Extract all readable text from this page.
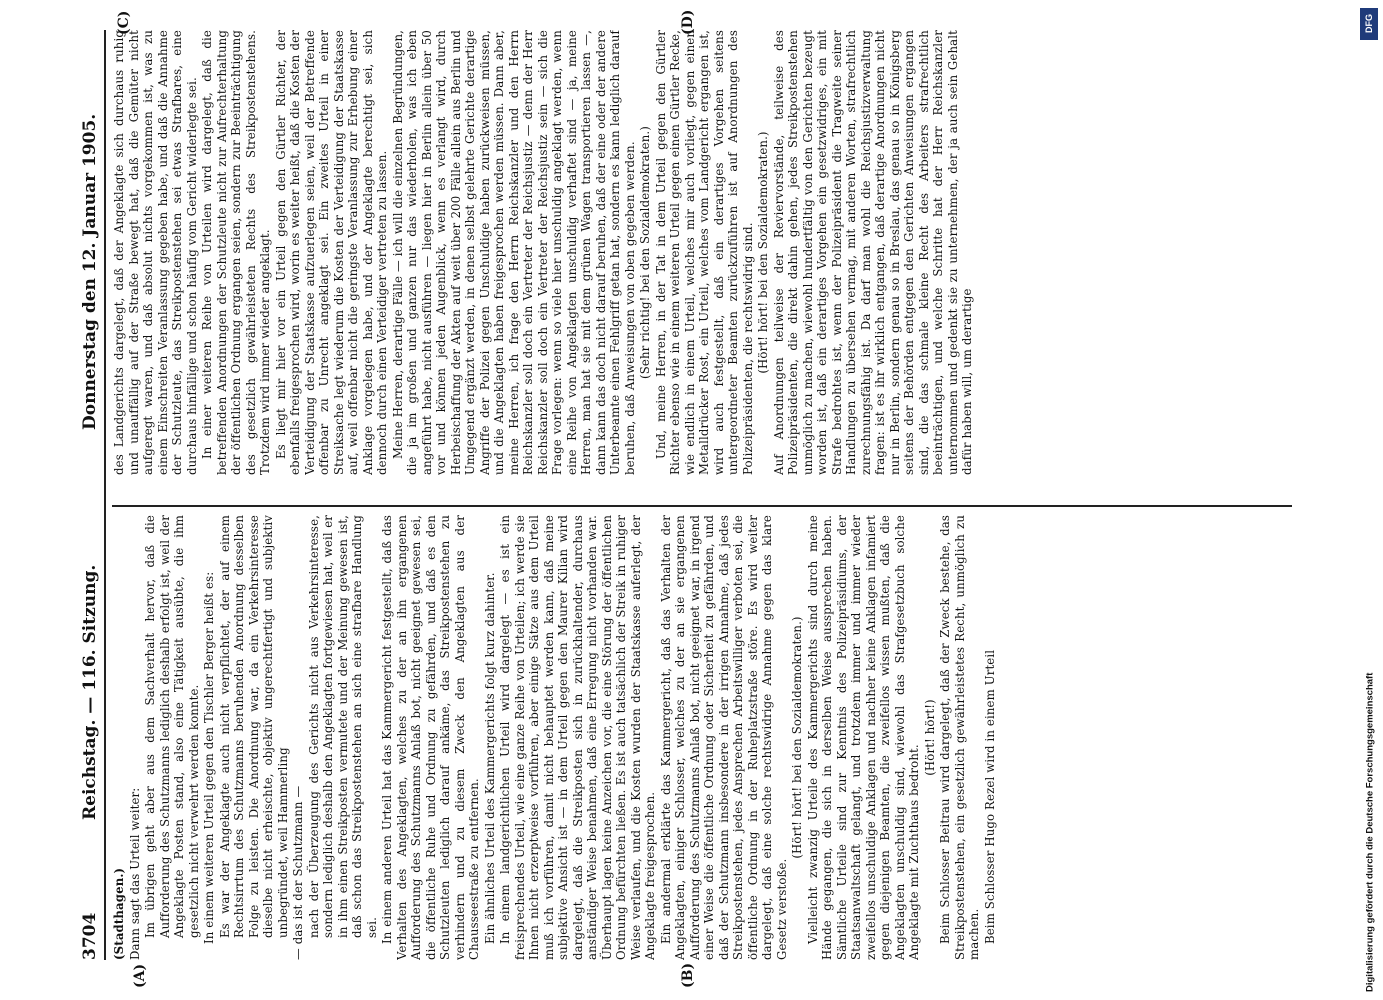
3704
Reichstag. — 116. Sitzung.
Donnerstag den 12. Januar 1905.
(A)	(B)
(C)	(D)

(Stadthagen.) Dann sagt das Urteil weiter: Im übrigen geht aber aus dem Sachverhalt hervor, daß die Aufforderung des Schutzmanns lediglich deshalb erfolgt ist, weil der Angeklagte Posten stand, also eine Tätigkeit ausübte, die ihm gesetzlich nicht verwehrt werden konnte. In einem weiteren Urteil gegen den Tischler Berger heißt es: Es war der Angeklagte auch nicht verpflichtet, der auf einem Rechtsirrtum des Schutzmanns beruhenden Anordnung desselben Folge zu leisten. Die Anordnung war, da ein Verkehrsinteresse dieselbe nicht erheischte, objektiv ungerechtfertigt und subjektiv unbegründet, weil Hammerling — das ist der Schutzmann — nach der Überzeugung des Gerichts nicht aus Verkehrsinteresse, sondern lediglich deshalb den Angeklagten fortgewiesen hat, weil er in ihm einen Streikposten vermutete und der Meinung gewesen ist, daß schon das Streikpostenstehen an sich eine strafbare Handlung sei. In einem anderen Urteil hat das Kammergericht festgestellt, daß das Verhalten des Angeklagten, welches zu der an ihn ergangenen Aufforderung des Schutzmanns Anlaß bot, nicht geeignet gewesen sei, die öffentliche Ruhe und Ordnung zu gefährden, und daß es den Schutzleuten lediglich darauf ankäme, das Streikpostenstehen zu verhindern und zu diesem Zweck den Angeklagten aus der Chausseestraße zu entfernen. Ein ähnliches Urteil des Kammergerichts folgt kurz dahinter. In einem landgerichtlichen Urteil wird dargelegt — es ist ein freisprechendes Urteil, wie eine ganze Reihe von Urteilen; ich werde sie Ihnen nicht erzerptweise vorführen, aber einige Sätze aus dem Urteil muß ich vorführen, damit nicht behauptet werden kann, daß meine subjektive Ansicht ist — in dem Urteil gegen den Maurer Kilian wird dargelegt, daß die Streikposten sich in zurückhaltender, durchaus anständiger Weise benahmen, daß eine Erregung nicht vorhanden war. Überhaupt lagen keine Anzeichen vor, die eine Störung der öffentlichen Ordnung befürchten ließen. Es ist auch tatsächlich der Streik in ruhiger Weise verlaufen, und die Kosten wurden der Staatskasse auferlegt, der Angeklagte freigesprochen. Ein andermal erklärte das Kammergericht, daß das Verhalten der Angeklagten, einiger Schlosser, welches zu der an sie ergangenen Aufforderung des Schutzmanns Anlaß bot, nicht geeignet war, in irgend einer Weise die öffentliche Ordnung oder Sicherheit zu gefährden, und daß der Schutzmann insbesondere in der irrigen Annahme, daß jedes Streikpostenstehen, jedes Ansprechen Arbeitswilliger verboten sei, die öffentliche Ordnung in der Ruheplatzstraße störe. Es wird weiter dargelegt, daß eine solche rechtswidrige Annahme gegen das klare Gesetz verstoße.

(Hört! hört! bei den Sozialdemokraten.) Vielleicht zwanzig Urteile des Kammergerichts sind durch meine Hände gegangen, die sich in derselben Weise aussprechen haben. Sämtliche Urteile sind zur Kenntnis des Polizeipräsidiums, der Staatsanwaltschaft gelangt, und trotzdem immer und immer wieder zweifellos unschuldige Anklagen und nachher keine Anklagen infamiert gegen diejenigen Beamten, die zweifellos wissen mußten, daß die Angeklagten unschuldig sind, wiewohl das Strafgesetzbuch solche Angeklagte mit Zuchthaus bedroht.

(Hört! hört!) Beim Schlosser Beitrau wird dargelegt, daß der Zweck bestehe, das Streikpostenstehen, ein gesetzlich gewährleistetes Recht, unmöglich zu machen. Beim Schlosser Hugo Rezel wird in einem Urteil

des Landgerichts dargelegt, daß der Angeklagte sich durchaus ruhig und unauffällig auf der Straße bewegt hat, daß die Gemüter nicht aufgeregt waren, und daß absolut nichts vorgekommen ist, was zu einem Einschreiten Veranlassung gegeben habe, und daß die Annahme der Schutzleute, das Streikpostenstehen sei etwas Strafbares, eine durchaus hinfällige und schon häufig vom Gericht widerlegte sei. In einer weiteren Reihe von Urteilen wird dargelegt, daß die betreffenden Anordnungen der Schutzleute nicht zur Aufrechterhaltung der öffentlichen Ordnung ergangen seien, sondern zur Beeinträchtigung des gesetzlich gewährleisteten Rechts des Streikpostenstehens. Trotzdem wird immer wieder angeklagt. Es liegt mir hier vor ein Urteil gegen den Gürtler Richter, der ebenfalls freigesprochen wird, worin es weiter heißt, daß die Kosten der Verteidigung der Staatskasse aufzuerlegen seien, weil der Betreffende offenbar zu Unrecht angeklagt sei. Ein zweites Urteil in einer Streiksache legt wiederum die Kosten der Verteidigung der Staatskasse auf, weil offenbar nicht die geringste Veranlassung zur Erhebung einer Anklage vorgelegen habe, und der Angeklagte berechtigt sei, sich dennoch durch einen Verteidiger vertreten zu lassen. Meine Herren, derartige Fälle — ich will die einzelnen Begründungen, die ja im großen und ganzen nur das wiederholen, was ich eben angeführt habe, nicht ausführen — liegen hier in Berlin allein über 50 vor und können jeden Augenblick, wenn es verlangt wird, durch Herbeischaffung der Akten auf weit über 200 Fälle allein aus Berlin und Umgegend ergänzt werden, in denen selbst gelehrte Gerichte derartige Angriffe der Polizei gegen Unschuldige haben zurückweisen müssen, und die Angeklagten haben freigesprochen werden müssen. Dann aber, meine Herren, ich frage den Herrn Reichskanzler und den Herrn Reichskanzler soll doch ein Vertreter der Reichsjustiz — denn der Herr Reichskanzler soll doch ein Vertreter der Reichsjustiz sein — sich die Frage vorlegen: wenn so viele hier unschuldig angeklagt werden, wenn eine Reihe von Angeklagten unschuldig verhaftet sind — ja, meine Herren, man hat sie mit dem grünen Wagen transportieren lassen —, dann kann das doch nicht darauf beruhen, daß der eine oder der andere Unterbeamte einen Fehlgriff getan hat, sondern es kann lediglich darauf beruhen, daß Anweisungen von oben gegeben werden. (Sehr richtig! bei den Sozialdemokraten.) Und, meine Herren, in der Tat in dem Urteil gegen den Gürtler Richter ebenso wie in einem weiteren Urteil gegen einen Gürtler Recke, wie endlich in einem Urteil, welches mir auch vorliegt, gegen einen Metalldrücker Rost, ein Urteil, welches vom Landgericht ergangen ist, wird auch festgestellt, daß ein derartiges Vorgehen seitens untergeordneter Beamten zurückzuführen ist auf Anordnungen des Polizeipräsidenten, die rechtswidrig sind. (Hört! hört! bei den Sozialdemokraten.) Auf Anordnungen teilweise der Reviervorstände, teilweise des Polizeipräsidenten, die direkt dahin gehen, jedes Streikpostenstehen unmöglich zu machen, wiewohl hundertfältig von den Gerichten bezeugt worden ist, daß ein derartiges Vorgehen ein gesetzwidriges, ein mit Strafe bedrohtes ist, wenn der Polizeipräsident die Tragweite seiner Handlungen zu übersehen vermag, mit anderen Worten, strafrechtlich zurechnungsfähig ist. Da darf man wohl die Reichsjustizverwaltung fragen: ist es ihr wirklich entgangen, daß derartige Anordnungen nicht nur in Berlin, sondern genau so in Breslau, das genau so in Königsberg seitens der Behörden entgegen den Gerichten Anweisungen ergangen sind, die das schmale kleine Recht des Arbeiters strafrechtlich beeinträchtigen, und welche Schritte hat der Herr Reichskanzler unternommen und gedenkt sie zu unternehmen, der ja auch sein Gehalt dafür haben will, um derartige

DFG
Digitalisierung gefördert durch die Deutsche Forschungsgemeinschaft
